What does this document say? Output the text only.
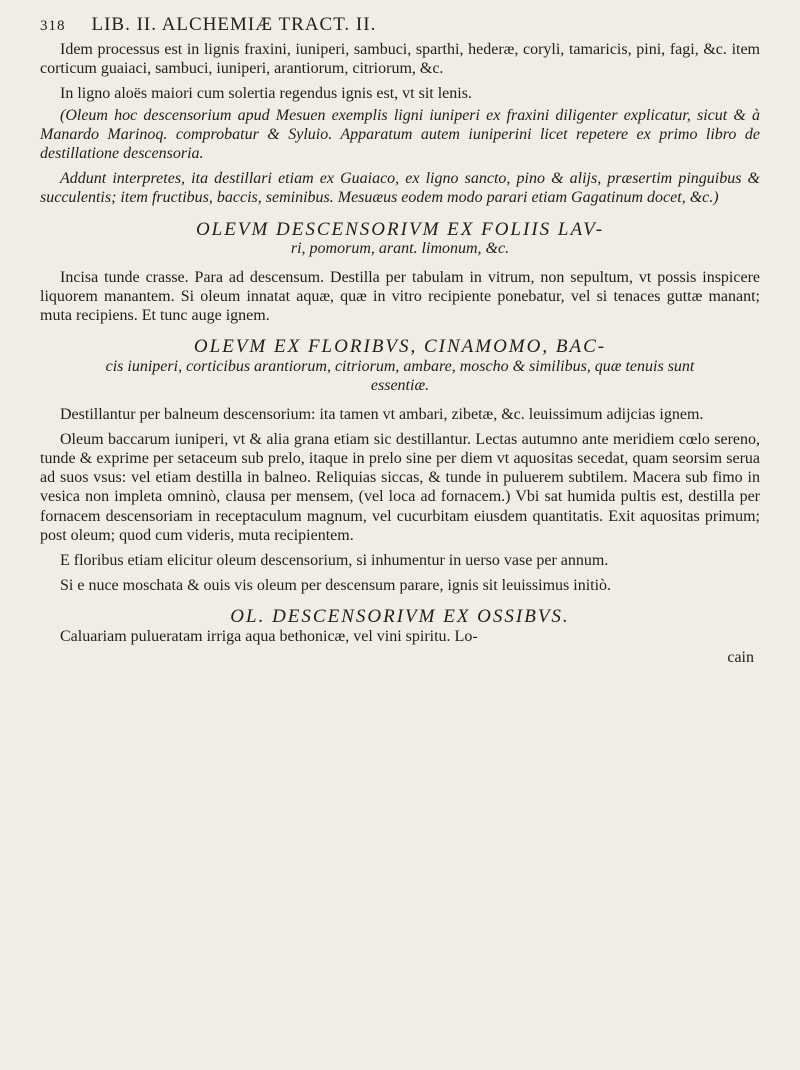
318 LIB. II. ALCHEMIÆ TRACT. II.

Idem processus est in lignis fraxini, iuniperi, sambuci, sparthi, hederæ, coryli, tamaricis, pini, fagi, &c. item corticum guaiaci, sambuci, iuniperi, arantiorum, citriorum, &c.

In ligno aloës maiori cum solertia regendus ignis est, vt sit lenis.

(Oleum hoc descensorium apud Mesuen exemplis ligni iuniperi ex fraxini diligenter explicatur, sicut & à Manardo Marinoq. comprobatur & Syluio. Apparatum autem iuniperini licet repetere ex primo libro de destillatione descensoria.

Addunt interpretes, ita destillari etiam ex Guaiaco, ex ligno sancto, pino & alijs, præsertim pinguibus & succulentis; item fructibus, baccis, seminibus. Mesuæus eodem modo parari etiam Gagatinum docet, &c.)

OLEVM DESCENSORIVM EX FOLIIS LAV-
ri, pomorum, arant. limonum, &c.

Incisa tunde crasse. Para ad descensum. Destilla per tabulam in vitrum, non sepultum, vt possis inspicere liquorem manantem. Si oleum innatat aquæ, quæ in vitro recipiente ponebatur, vel si tenaces guttæ manant; muta recipiens. Et tunc auge ignem.

OLEVM EX FLORIBVS, CINAMOMO, BAC-
cis iuniperi, corticibus arantiorum, citriorum, ambare, moscho & similibus, quæ tenuis sunt essentiæ.

Destillantur per balneum descensorium: ita tamen vt ambari, zibetæ, &c. leuissimum adijcias ignem.

Oleum baccarum iuniperi, vt & alia grana etiam sic destillantur. Lectas autumno ante meridiem cœlo sereno, tunde & exprime per setaceum sub prelo, itaque in prelo sine per diem vt aquositas secedat, quam seorsim serua ad suos vsus: vel etiam destilla in balneo. Reliquias siccas, & tunde in puluerem subtilem. Macera sub fimo in vesica non impleta omninò, clausa per mensem, (vel loca ad fornacem.) Vbi sat humida pultis est, destilla per fornacem descensoriam in receptaculum magnum, vel cucurbitam eiusdem quantitatis. Exit aquositas primum; post oleum; quod cum videris, muta recipientem.

E floribus etiam elicitur oleum descensorium, si inhumentur in uerso vase per annum.

Si e nuce moschata & ouis vis oleum per descensum parare, ignis sit leuissimus initiò.

OL. DESCENSORIVM EX OSSIBVS.

Caluariam pulueratam irriga aqua bethonicæ, vel vini spiritu. Lo-

cain
